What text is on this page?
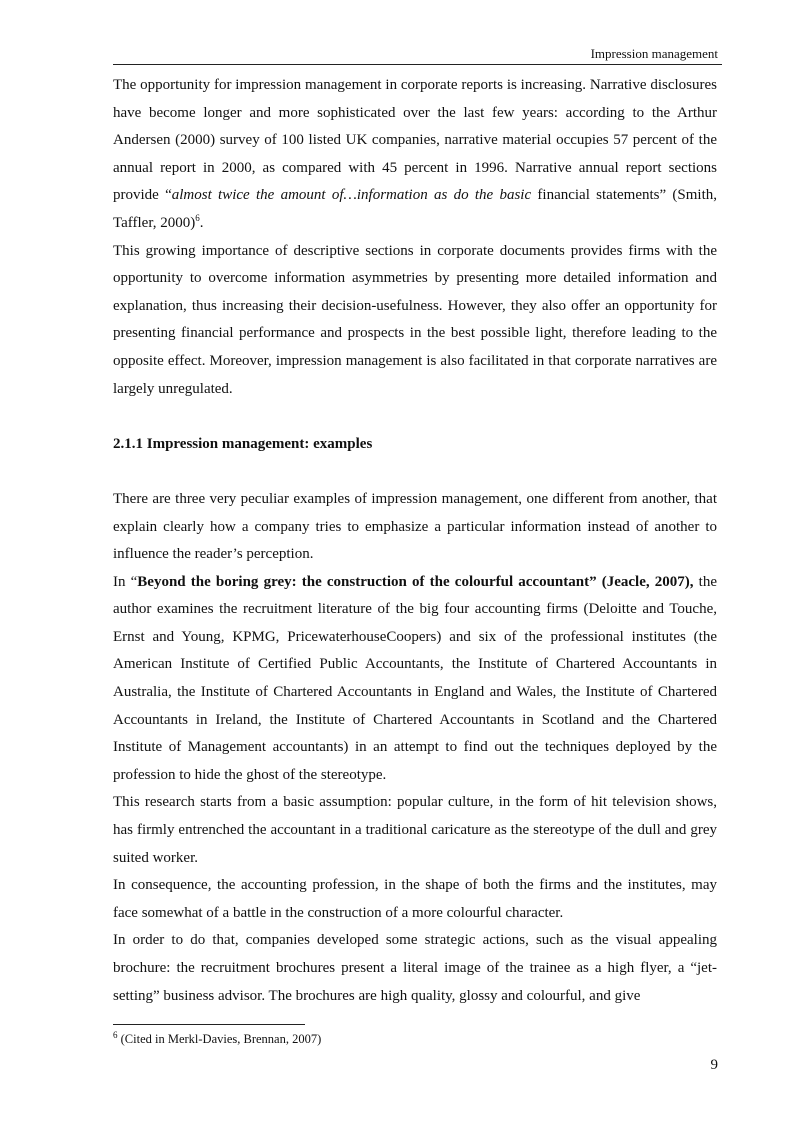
Impression management

The opportunity for impression management in corporate reports is increasing. Narrative disclosures have become longer and more sophisticated over the last few years: according to the Arthur Andersen (2000) survey of 100 listed UK companies, narrative material occupies 57 percent of the annual report in 2000, as compared with 45 percent in 1996. Narrative annual report sections provide “almost twice the amount of…information as do the basic financial statements” (Smith, Taffler, 2000)$^6$.

This growing importance of descriptive sections in corporate documents provides firms with the opportunity to overcome information asymmetries by presenting more detailed information and explanation, thus increasing their decision-usefulness. However, they also offer an opportunity for presenting financial performance and prospects in the best possible light, therefore leading to the opposite effect. Moreover, impression management is also facilitated in that corporate narratives are largely unregulated.

2.1.1 Impression management: examples

There are three very peculiar examples of impression management, one different from another, that explain clearly how a company tries to emphasize a particular information instead of another to influence the reader’s perception.

In “Beyond the boring grey: the construction of the colourful accountant” (Jeacle, 2007), the author examines the recruitment literature of the big four accounting firms (Deloitte and Touche, Ernst and Young, KPMG, PricewaterhouseCoopers) and six of the professional institutes (the American Institute of Certified Public Accountants, the Institute of Chartered Accountants in Australia, the Institute of Chartered Accountants in England and Wales, the Institute of Chartered Accountants in Ireland, the Institute of Chartered Accountants in Scotland and the Chartered Institute of Management accountants) in an attempt to find out the techniques deployed by the profession to hide the ghost of the stereotype.

This research starts from a basic assumption: popular culture, in the form of hit television shows, has firmly entrenched the accountant in a traditional caricature as the stereotype of the dull and grey suited worker.

In consequence, the accounting profession, in the shape of both the firms and the institutes, may face somewhat of a battle in the construction of a more colourful character.

In order to do that, companies developed some strategic actions, such as the visual appealing brochure: the recruitment brochures present a literal image of the trainee as a high flyer, a “jet-setting” business advisor. The brochures are high quality, glossy and colourful, and give

$^6$ (Cited in Merkl-Davies, Brennan, 2007)
9
